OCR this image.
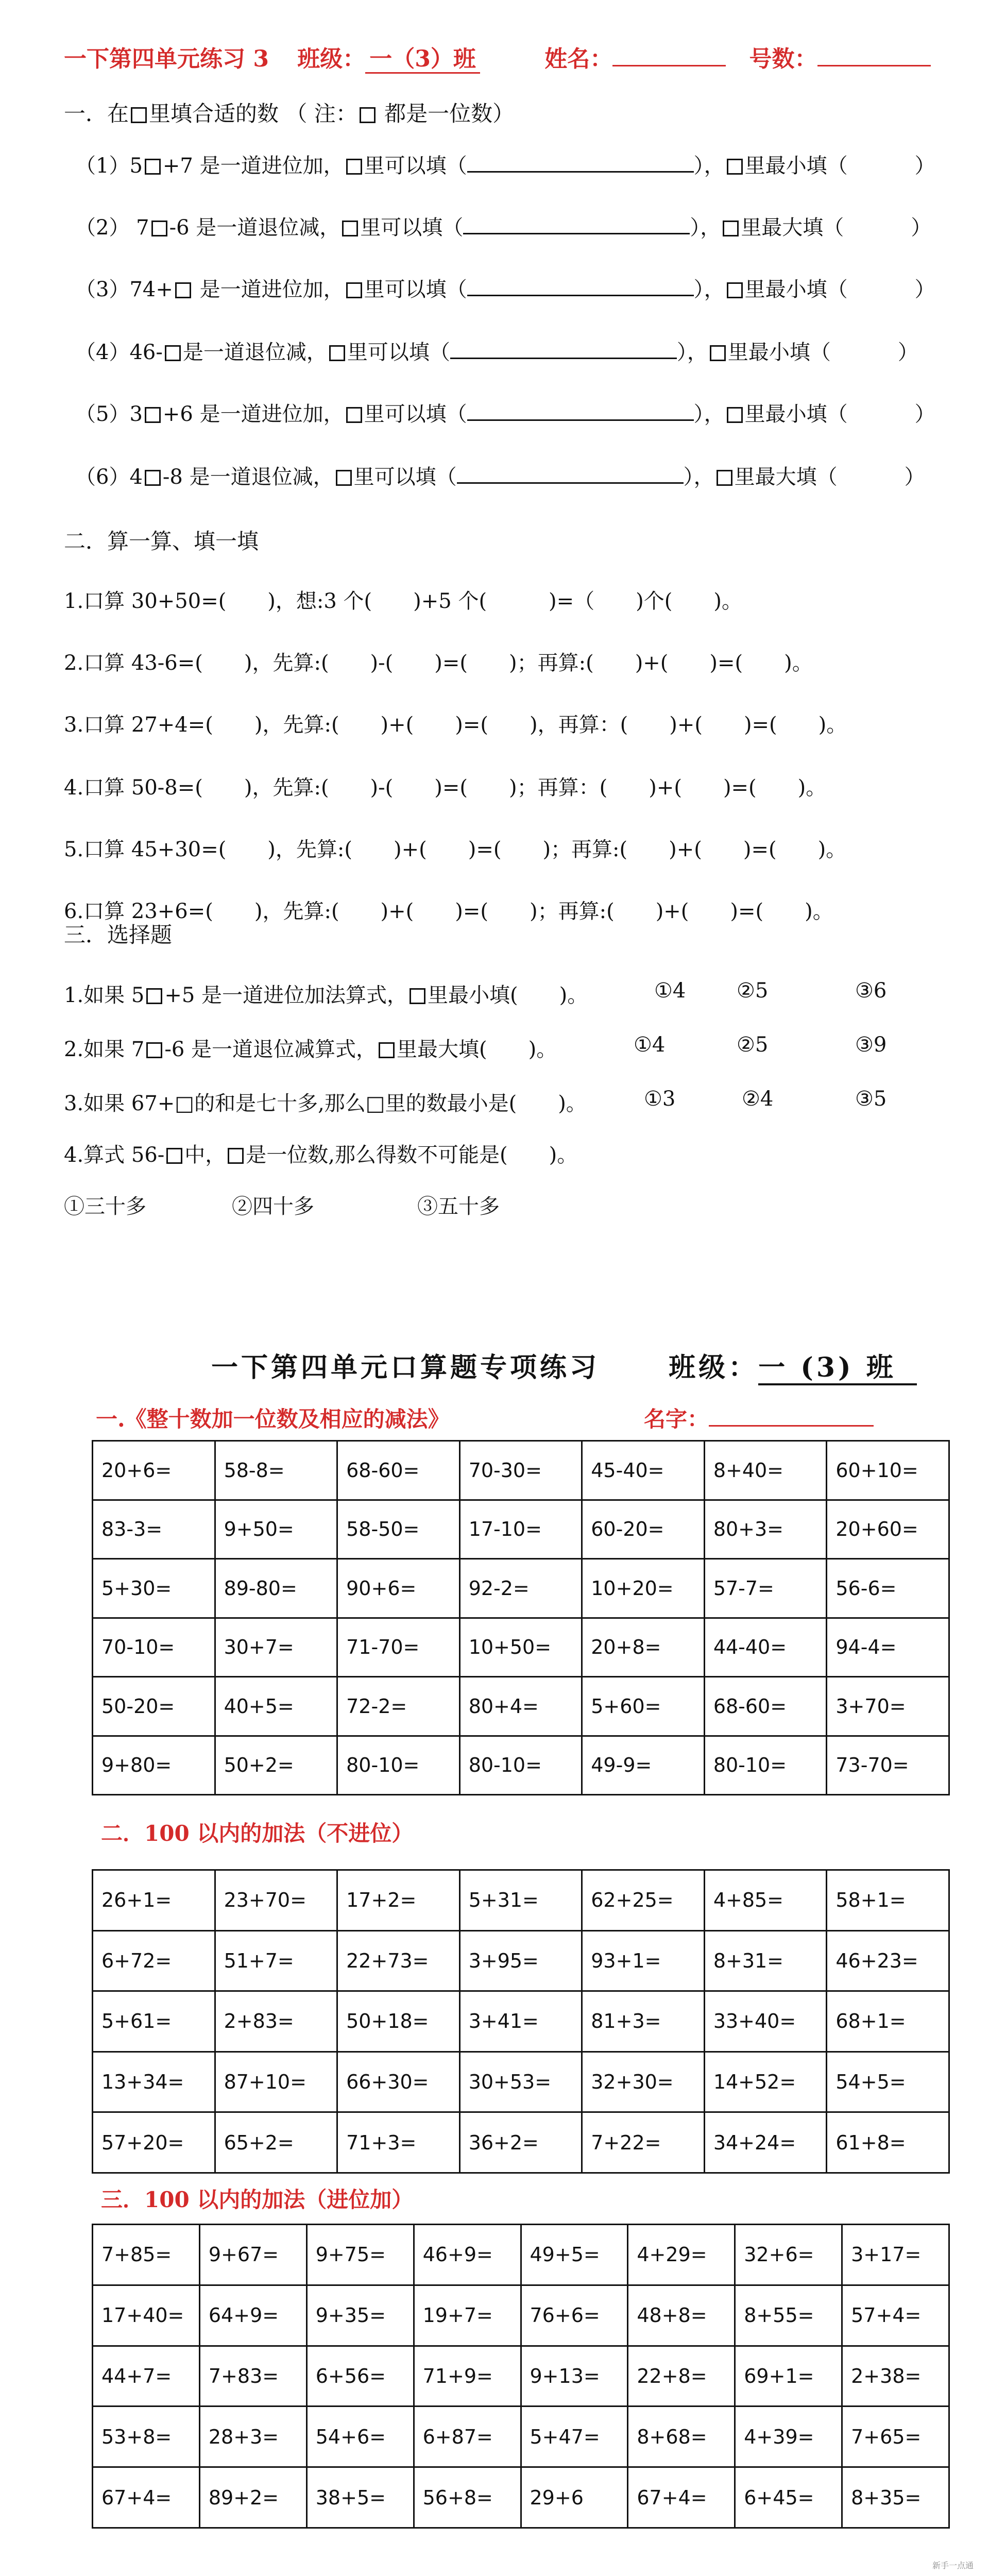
一下第四单元练习 3 班级： 一（3）班	姓名：	号数：
一．在 里填合适的数 （ 注： 都是一位数）
（1）5 +7 是一道进位加， 里可以填（	）， 里最小填（	）
（2） 7 -6 是一道退位减， 里可以填（	）， 里最大填（	）
（3）74+ 是一道进位加， 里可以填（	）， 里最小填（	）
（4）46- 是一道退位减， 里可以填（	）， 里最小填（	）
（5）3 +6 是一道进位加， 里可以填（	）， 里最小填（	）
（6）4 -8 是一道退位减， 里可以填（	）， 里最大填（	）
二．算一算、填一填
1.口算 30+50=(　　)，想:3 个(　　)+5 个(　　　)=（　　)个(　　)。
2.口算 43-6=(　　)，先算:(　　)-(　　)=(　　)；再算:(　　)+(　　)=(　　)。
3.口算 27+4=(　　)，先算:(　　)+(　　)=(　　)，再算：(　　)+(　　)=(　　)。
4.口算 50-8=(　　)，先算:(　　)-(　　)=(　　)；再算：(　　)+(　　)=(　　)。
5.口算 45+30=(　　)，先算:(　　)+(　　)=(　　)；再算:(　　)+(　　)=(　　)。
6.口算 23+6=(　　)，先算:(　　)+(　　)=(　　)；再算:(　　)+(　　)=(　　)。
三．选择题
1.如果 5 +5 是一道进位加法算式， 里最小填(　　)。	①4 ②5	③6
2.如果 7 -6 是一道退位减算式， 里最大填(　　)。	①4	②5	③9
3.如果 67+□的和是七十多,那么□里的数最小是(　　)。	①3	②4	③5
4.算式 56- 中， 是一位数,那么得数不可能是(　　)。
①三十多	②四十多	③五十多
一下第四单元口算题专项练习	班级：一 (3) 班
一.《整十数加一位数及相应的减法》	名字：
20+6=	58-8=	68-60=	70-30=	45-40=	8+40=	60+10=
83-3=	9+50=	58-50=	17-10=	60-20=	80+3=	20+60=
5+30=	89-80=	90+6=	92-2=	10+20=	57-7=	56-6=
70-10=	30+7=	71-70=	10+50=	20+8=	44-40=	94-4=
50-20=	40+5=	72-2=	80+4=	5+60=	68-60=	3+70=
9+80=	50+2=	80-10=	80-10=	49-9=	80-10=	73-70=
二．100 以内的加法（不进位）
26+1=	23+70=	17+2=	5+31=	62+25=	4+85=	58+1=
6+72=	51+7=	22+73=	3+95=	93+1=	8+31=	46+23=
5+61=	2+83=	50+18=	3+41=	81+3=	33+40=	68+1=
13+34=	87+10=	66+30=	30+53=	32+30=	14+52=	54+5=
57+20=	65+2=	71+3=	36+2=	7+22=	34+24=	61+8=
三．100 以内的加法（进位加）
7+85=	9+67=	9+75=	46+9=	49+5=	4+29=	32+6=	3+17=
17+40=	64+9=	9+35=	19+7=	76+6=	48+8=	8+55=	57+4=
44+7=	7+83=	6+56=	71+9=	9+13=	22+8=	69+1=	2+38=
53+8=	28+3=	54+6=	6+87=	5+47=	8+68=	4+39=	7+65=
67+4=	89+2=	38+5=	56+8=	29+6	67+4=	6+45=	8+35=
新手一点通
